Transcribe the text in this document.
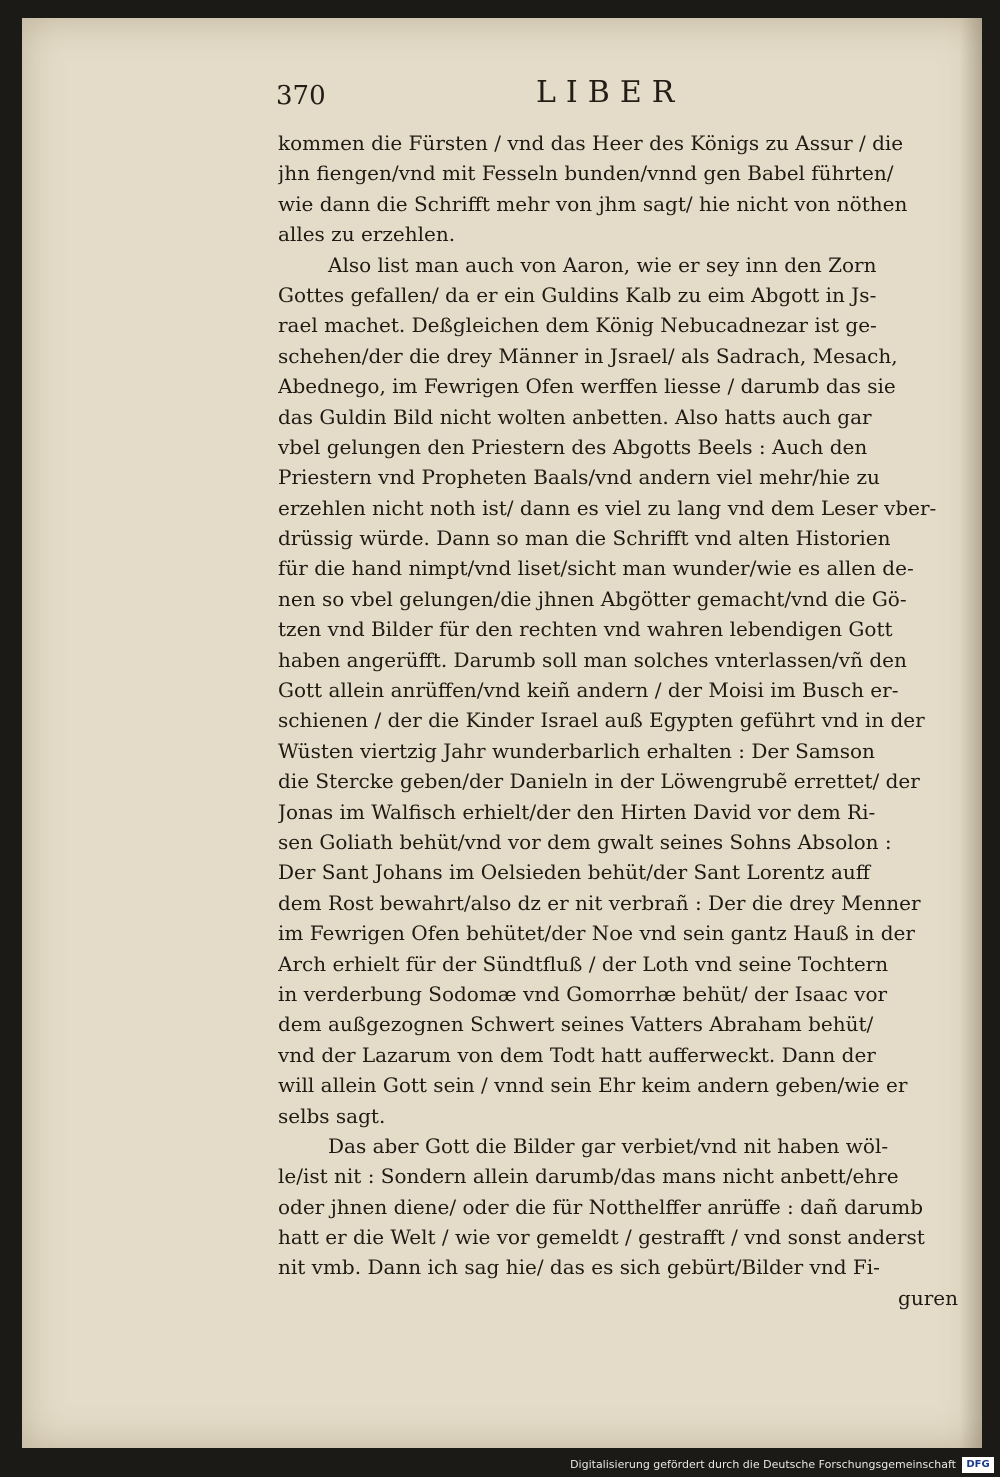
370	LIBER
kommen die Fürsten / vnd das Heer des Königs zu Assur / die
jhn fiengen/vnd mit Fesseln bunden/vnnd gen Babel führten/
wie dann die Schrifft mehr von jhm sagt/ hie nicht von nöthen
alles zu erzehlen.
Also list man auch von Aaron, wie er sey inn den Zorn
Gottes gefallen/ da er ein Guldins Kalb zu eim Abgott in Js-
rael machet. Deßgleichen dem König Nebucadnezar ist ge-
schehen/der die drey Männer in Jsrael/ als Sadrach, Mesach,
Abednego, im Fewrigen Ofen werffen liesse / darumb das sie
das Guldin Bild nicht wolten anbetten. Also hatts auch gar
vbel gelungen den Priestern des Abgotts Beels : Auch den
Priestern vnd Propheten Baals/vnd andern viel mehr/hie zu
erzehlen nicht noth ist/ dann es viel zu lang vnd dem Leser vber-
drüssig würde. Dann so man die Schrifft vnd alten Historien
für die hand nimpt/vnd liset/sicht man wunder/wie es allen de-
nen so vbel gelungen/die jhnen Abgötter gemacht/vnd die Gö-
tzen vnd Bilder für den rechten vnd wahren lebendigen Gott
haben angerüfft. Darumb soll man solches vnterlassen/vñ den
Gott allein anrüffen/vnd keiñ andern / der Moisi im Busch er-
schienen / der die Kinder Israel auß Egypten geführt vnd in der
Wüsten viertzig Jahr wunderbarlich erhalten : Der Samson
die Stercke geben/der Danieln in der Löwengrubẽ errettet/ der
Jonas im Walfisch erhielt/der den Hirten David vor dem Ri-
sen Goliath behüt/vnd vor dem gwalt seines Sohns Absolon :
Der Sant Johans im Oelsieden behüt/der Sant Lorentz auff
dem Rost bewahrt/also dz er nit verbrañ : Der die drey Menner
im Fewrigen Ofen behütet/der Noe vnd sein gantz Hauß in der
Arch erhielt für der Sündtfluß / der Loth vnd seine Tochtern
in verderbung Sodomæ vnd Gomorrhæ behüt/ der Isaac vor
dem außgezognen Schwert seines Vatters Abraham behüt/
vnd der Lazarum von dem Todt hatt aufferweckt. Dann der
will allein Gott sein / vnnd sein Ehr keim andern geben/wie er
selbs sagt.
Das aber Gott die Bilder gar verbiet/vnd nit haben wöl-
le/ist nit : Sondern allein darumb/das mans nicht anbett/ehre
oder jhnen diene/ oder die für Notthelffer anrüffe : dañ darumb
hatt er die Welt / wie vor gemeldt / gestrafft / vnd sonst anderst
nit vmb. Dann ich sag hie/ das es sich gebürt/Bilder vnd Fi-
guren
Digitalisierung gefördert durch die Deutsche Forschungsgemeinschaft	DFG
